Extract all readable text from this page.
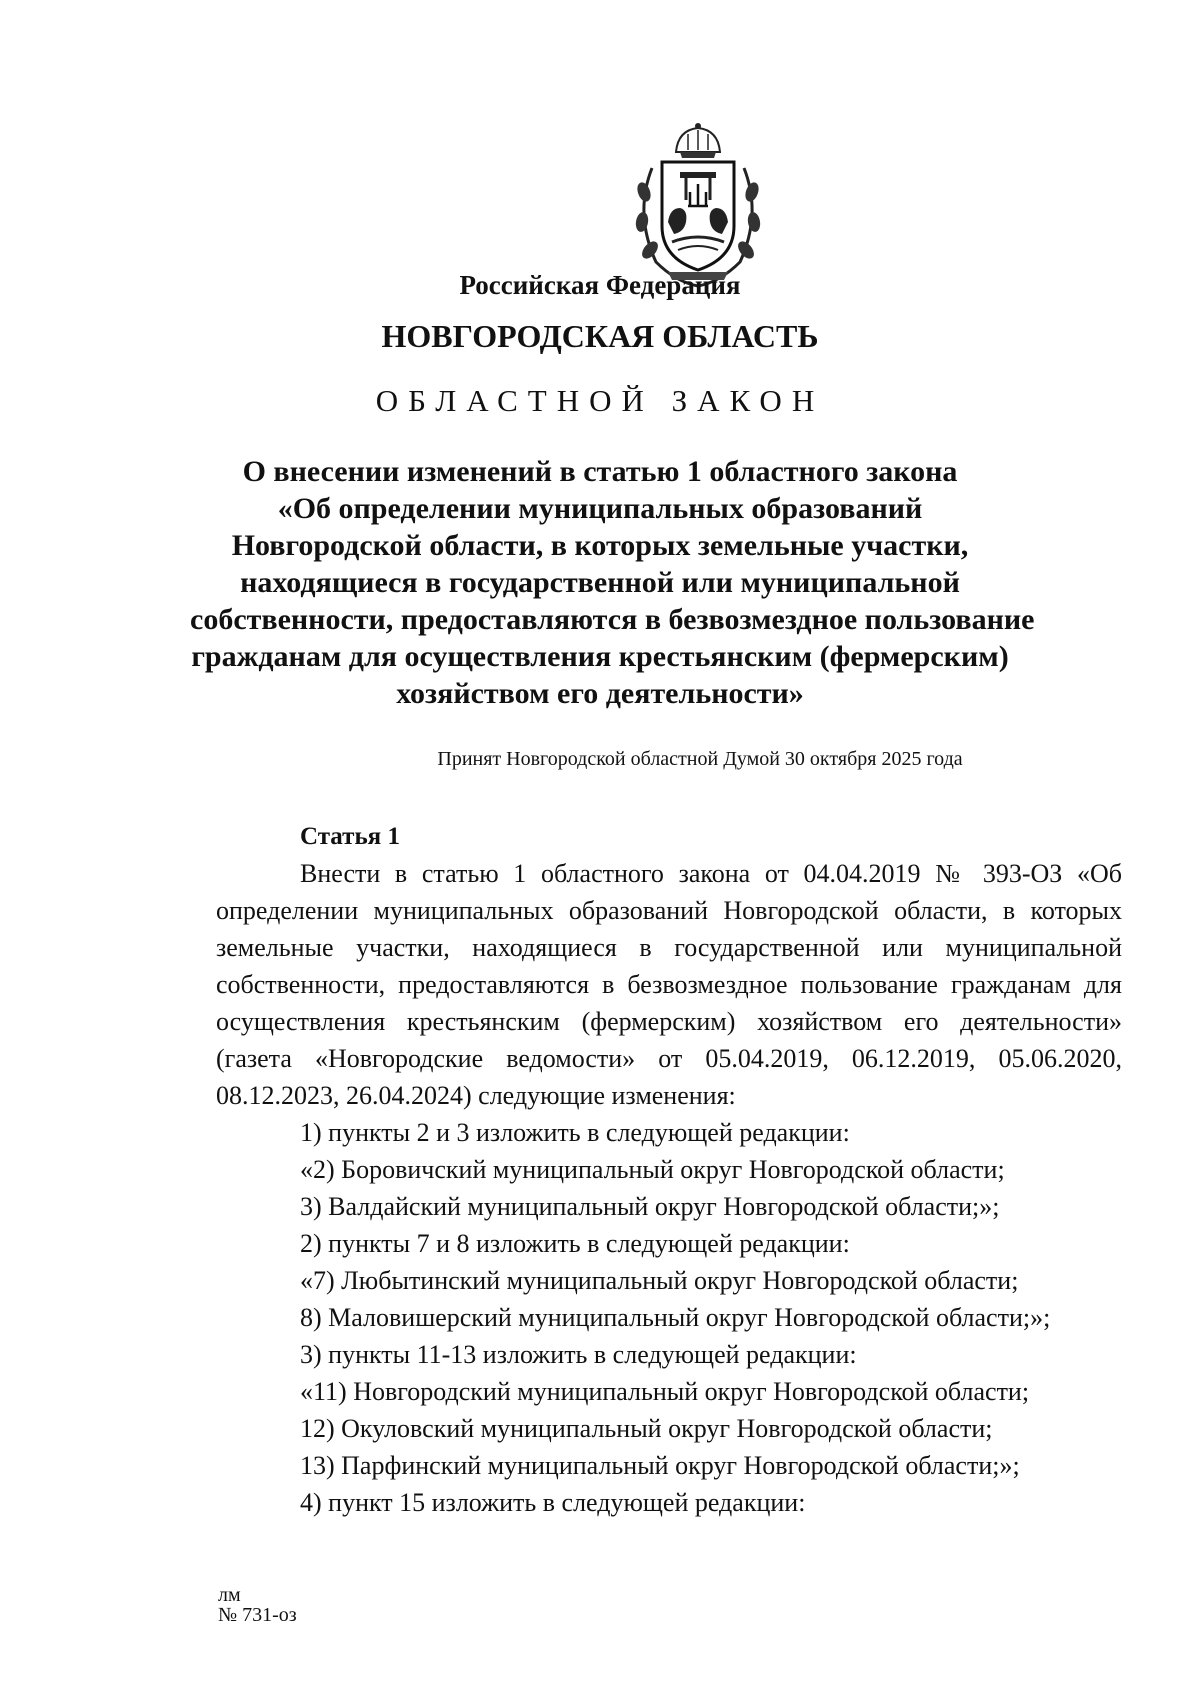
Российская Федерация
НОВГОРОДСКАЯ ОБЛАСТЬ
ОБЛАСТНОЙ ЗАКОН
О внесении изменений в статью 1 областного закона
«Об определении муниципальных образований
Новгородской области, в которых земельные участки,
находящиеся в государственной или муниципальной
собственности, предоставляются в безвозмездное пользование
гражданам для осуществления крестьянским (фермерским)
хозяйством его деятельности»
Принят Новгородской областной Думой 30 октября 2025 года
Статья 1
Внести в статью 1 областного закона от 04.04.2019 № 393-ОЗ «Об
определении муниципальных образований Новгородской области, в которых
земельные участки, находящиеся в государственной или муниципальной
собственности, предоставляются в безвозмездное пользование гражданам для
осуществления крестьянским (фермерским) хозяйством его деятельности»
(газета «Новгородские ведомости» от 05.04.2019, 06.12.2019, 05.06.2020,
08.12.2023, 26.04.2024) следующие изменения:
1) пункты 2 и 3 изложить в следующей редакции:
«2) Боровичский муниципальный округ Новгородской области;
3) Валдайский муниципальный округ Новгородской области;»;
2) пункты 7 и 8 изложить в следующей редакции:
«7) Любытинский муниципальный округ Новгородской области;
8) Маловишерский муниципальный округ Новгородской области;»;
3) пункты 11-13 изложить в следующей редакции:
«11) Новгородский муниципальный округ Новгородской области;
12) Окуловский муниципальный округ Новгородской области;
13) Парфинский муниципальный округ Новгородской области;»;
4) пункт 15 изложить в следующей редакции:
лм
№ 731-оз
